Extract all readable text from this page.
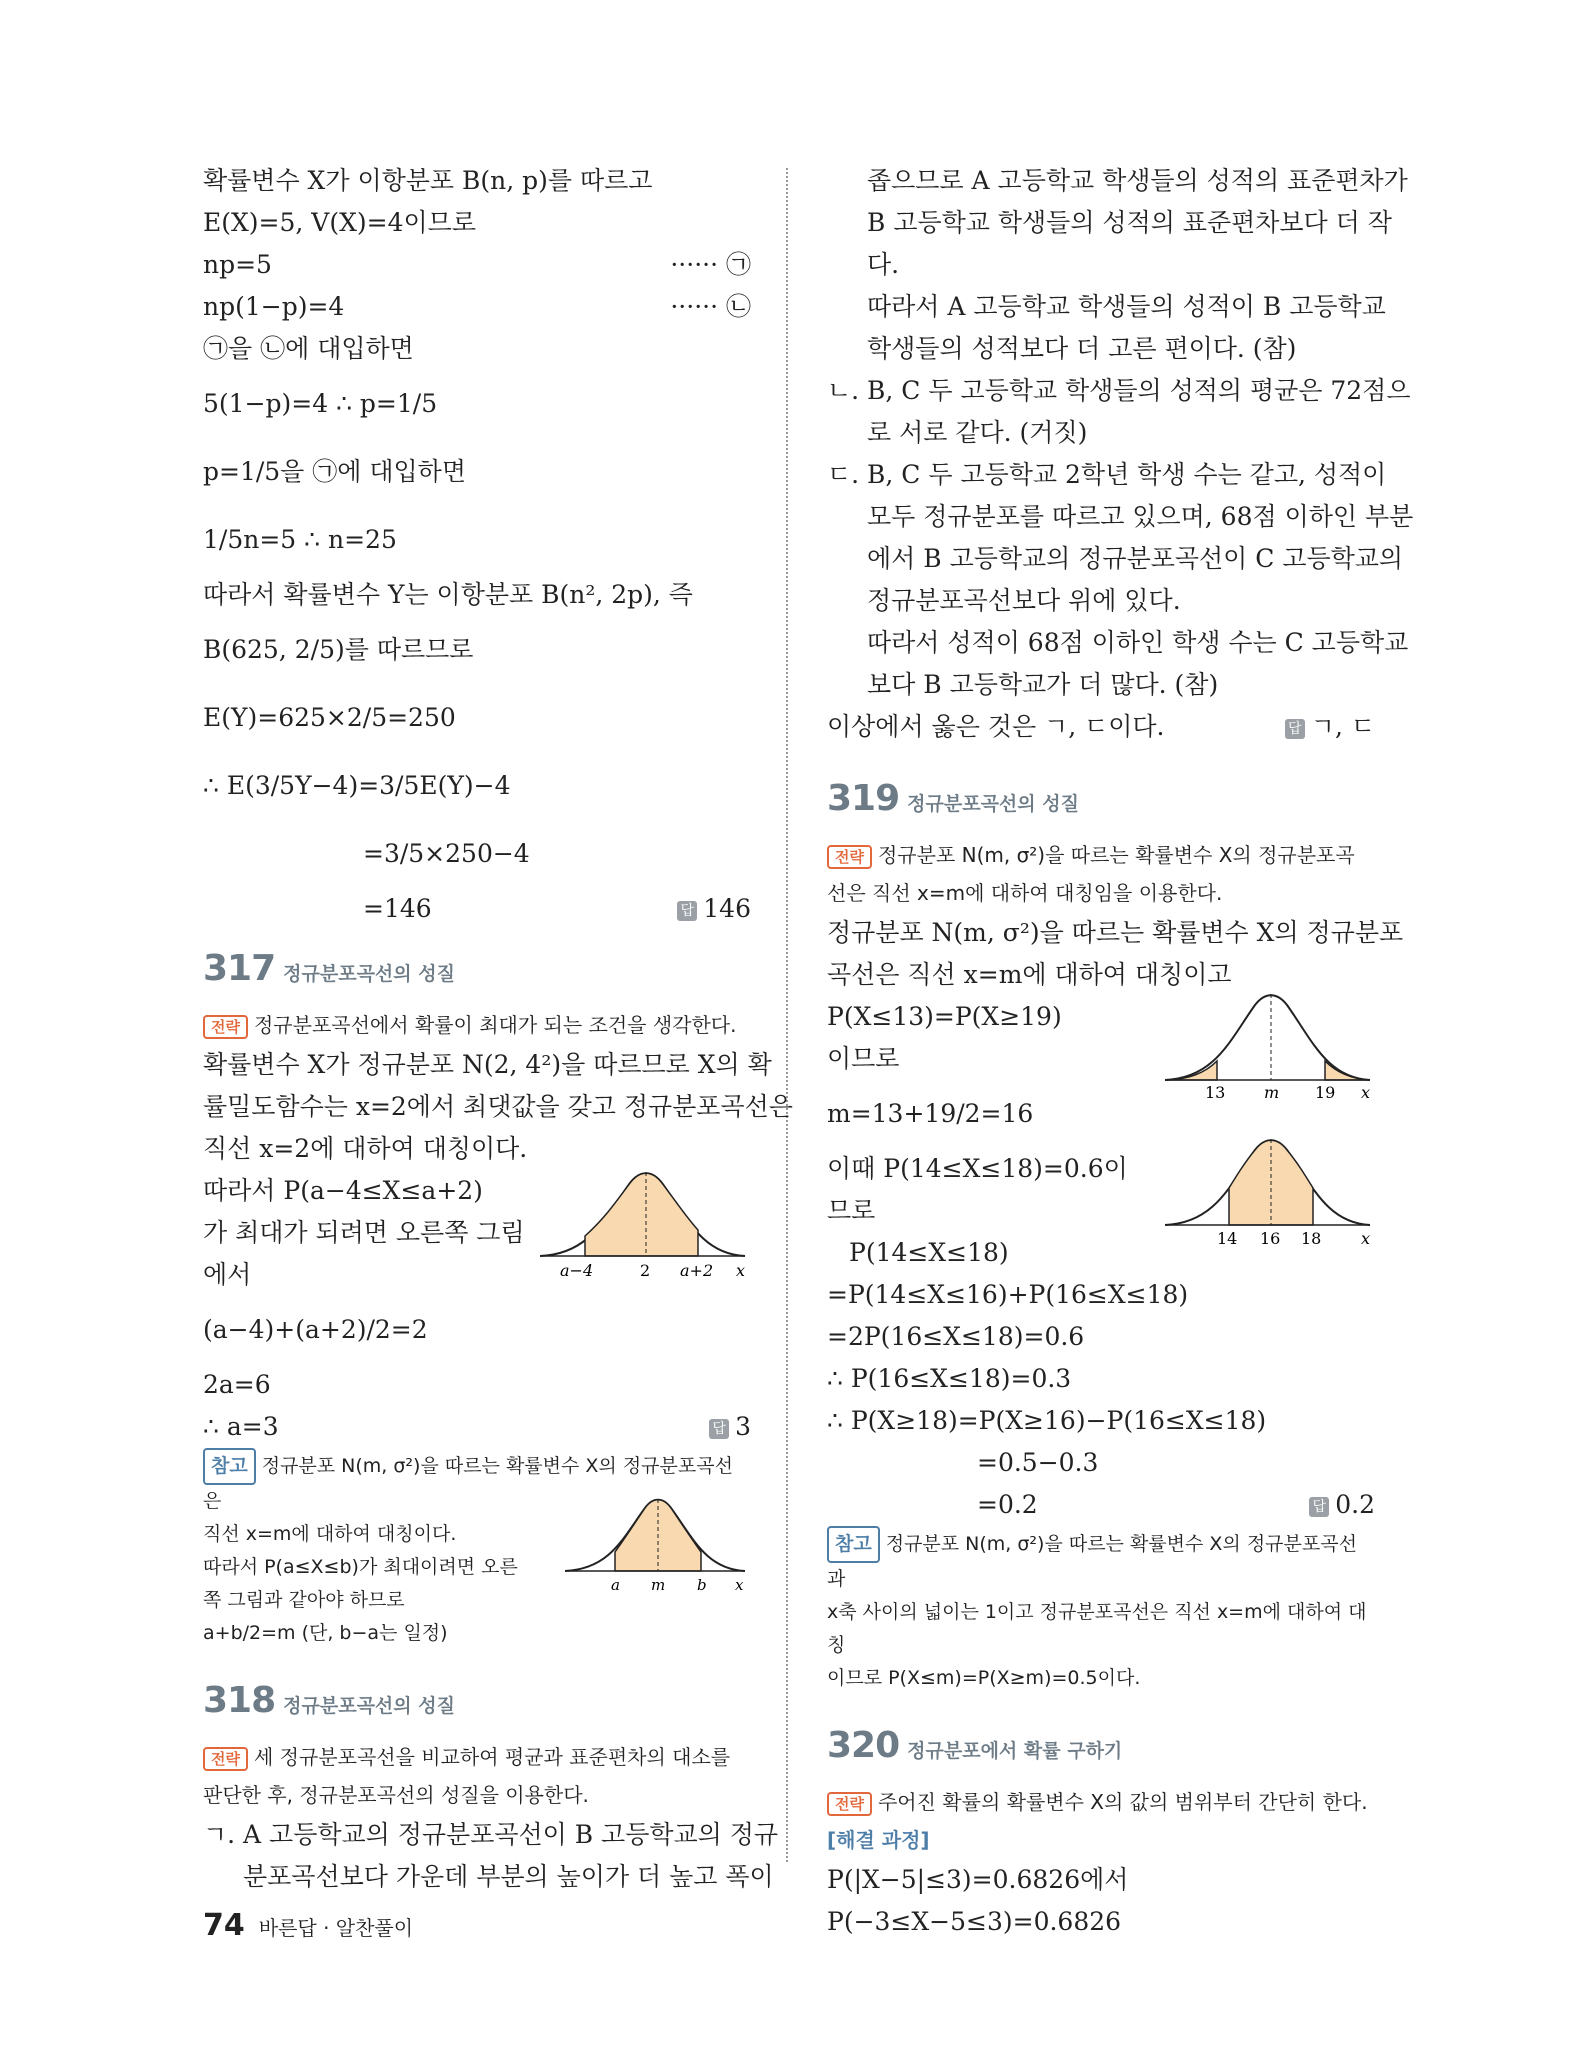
확률변수 X가 이항분포 B(n, p)를 따르고
E(X)=5, V(X)=4이므로
np=5	······ ㉠
np(1−p)=4	······ ㉡
㉠을 ㉡에 대입하면
5(1−p)=4 ∴ p=1/5
p=1/5을 ㉠에 대입하면
1/5n=5 ∴ n=25
따라서 확률변수 Y는 이항분포 B(n², 2p), 즉
B(625, 2/5)를 따르므로
E(Y)=625×2/5=250
∴ E(3/5Y−4)=3/5E(Y)−4
=3/5×250−4
=146	답 146
317 정규분포곡선의 성질
전략 정규분포곡선에서 확률이 최대가 되는 조건을 생각한다.
확률변수 X가 정규분포 N(2, 4²)을 따르므로 X의 확
률밀도함수는 x=2에서 최댓값을 갖고 정규분포곡선은
직선 x=2에 대하여 대칭이다.
따라서 P(a−4≤X≤a+2)
가 최대가 되려면 오른쪽 그림
에서
(a−4)+(a+2)/2=2
2a=6
∴ a=3	답 3
참고 정규분포 N(m, σ²)을 따르는 확률변수 X의 정규분포곡선은
직선 x=m에 대하여 대칭이다.
따라서 P(a≤X≤b)가 최대이려면 오른
쪽 그림과 같아야 하므로
a+b/2=m (단, b−a는 일정)
318 정규분포곡선의 성질
전략 세 정규분포곡선을 비교하여 평균과 표준편차의 대소를
판단한 후, 정규분포곡선의 성질을 이용한다.
ㄱ. A 고등학교의 정규분포곡선이 B 고등학교의 정규
분포곡선보다 가운데 부분의 높이가 더 높고 폭이
a−4	2 a+2 x
a m b x
좁으므로 A 고등학교 학생들의 성적의 표준편차가
B 고등학교 학생들의 성적의 표준편차보다 더 작
다.
따라서 A 고등학교 학생들의 성적이 B 고등학교
학생들의 성적보다 더 고른 편이다. (참)
ㄴ. B, C 두 고등학교 학생들의 성적의 평균은 72점으
로 서로 같다. (거짓)
ㄷ. B, C 두 고등학교 2학년 학생 수는 같고, 성적이
모두 정규분포를 따르고 있으며, 68점 이하인 부분
에서 B 고등학교의 정규분포곡선이 C 고등학교의
정규분포곡선보다 위에 있다.
따라서 성적이 68점 이하인 학생 수는 C 고등학교
보다 B 고등학교가 더 많다. (참)
이상에서 옳은 것은 ㄱ, ㄷ이다.	답 ㄱ, ㄷ
319 정규분포곡선의 성질
전략 정규분포 N(m, σ²)을 따르는 확률변수 X의 정규분포곡
선은 직선 x=m에 대하여 대칭임을 이용한다.
정규분포 N(m, σ²)을 따르는 확률변수 X의 정규분포
곡선은 직선 x=m에 대하여 대칭이고
P(X≤13)=P(X≥19)
이므로
m=13+19/2=16
이때 P(14≤X≤18)=0.6이
므로
P(14≤X≤18)
=P(14≤X≤16)+P(16≤X≤18)
=2P(16≤X≤18)=0.6
∴ P(16≤X≤18)=0.3
∴ P(X≥18)=P(X≥16)−P(16≤X≤18)
=0.5−0.3
=0.2	답 0.2
참고 정규분포 N(m, σ²)을 따르는 확률변수 X의 정규분포곡선과
x축 사이의 넓이는 1이고 정규분포곡선은 직선 x=m에 대하여 대칭
이므로 P(X≤m)=P(X≥m)=0.5이다.
320 정규분포에서 확률 구하기
전략 주어진 확률의 확률변수 X의 값의 범위부터 간단히 한다.
[해결 과정]
P(|X−5|≤3)=0.6826에서
P(−3≤X−5≤3)=0.6826
13 m 19 x
14 16 18 x
74 바른답 · 알찬풀이
